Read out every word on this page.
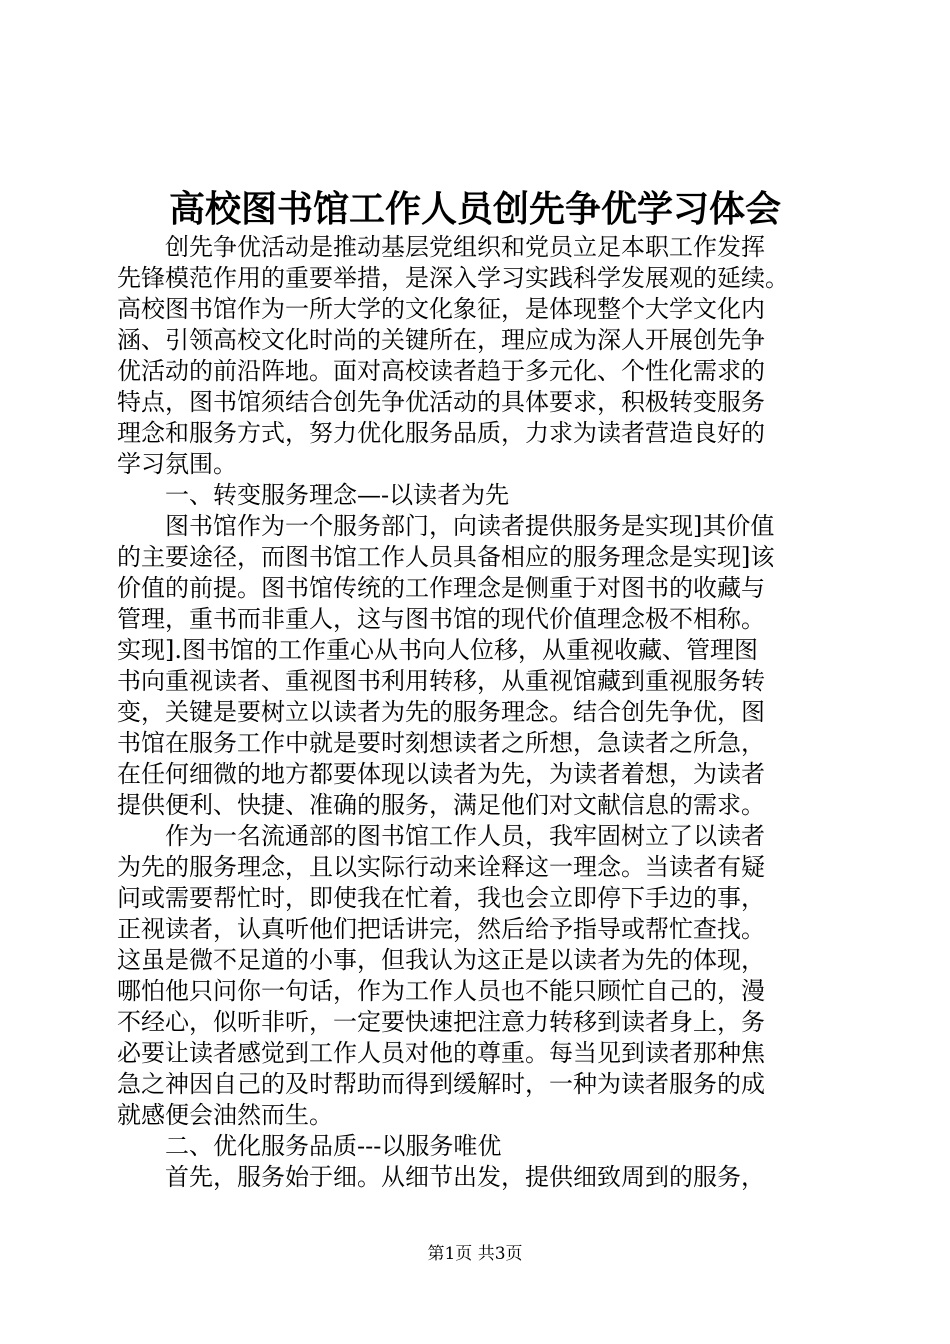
高校图书馆工作人员创先争优学习体会
　　创先争优活动是推动基层党组织和党员立足本职工作发挥
先锋模范作用的重要举措，是深入学习实践科学发展观的延续。
高校图书馆作为一所大学的文化象征，是体现整个大学文化内
涵、引领高校文化时尚的关键所在，理应成为深人开展创先争
优活动的前沿阵地。面对高校读者趋于多元化、个性化需求的
特点，图书馆须结合创先争优活动的具体要求，积极转变服务
理念和服务方式，努力优化服务品质，力求为读者营造良好的
学习氛围。
　　一、转变服务理念—-以读者为先
　　图书馆作为一个服务部门，向读者提供服务是实现]其价值
的主要途径，而图书馆工作人员具备相应的服务理念是实现]该
价值的前提。图书馆传统的工作理念是侧重于对图书的收藏与
管理，重书而非重人，这与图书馆的现代价值理念极不相称。
实现].图书馆的工作重心从书向人位移，从重视收藏、管理图
书向重视读者、重视图书利用转移，从重视馆藏到重视服务转
变，关键是要树立以读者为先的服务理念。结合创先争优，图
书馆在服务工作中就是要时刻想读者之所想，急读者之所急，
在任何细微的地方都要体现以读者为先，为读者着想，为读者
提供便利、快捷、准确的服务，满足他们对文献信息的需求。
　　作为一名流通部的图书馆工作人员，我牢固树立了以读者
为先的服务理念，且以实际行动来诠释这一理念。当读者有疑
问或需要帮忙时，即使我在忙着，我也会立即停下手边的事，
正视读者，认真听他们把话讲完，然后给予指导或帮忙查找。
这虽是微不足道的小事，但我认为这正是以读者为先的体现，
哪怕他只问你一句话，作为工作人员也不能只顾忙自己的，漫
不经心，似听非听，一定要快速把注意力转移到读者身上，务
必要让读者感觉到工作人员对他的尊重。每当见到读者那种焦
急之神因自己的及时帮助而得到缓解时，一种为读者服务的成
就感便会油然而生。
　　二、优化服务品质---以服务唯优
　　首先，服务始于细。从细节出发，提供细致周到的服务，
第1页 共3页
